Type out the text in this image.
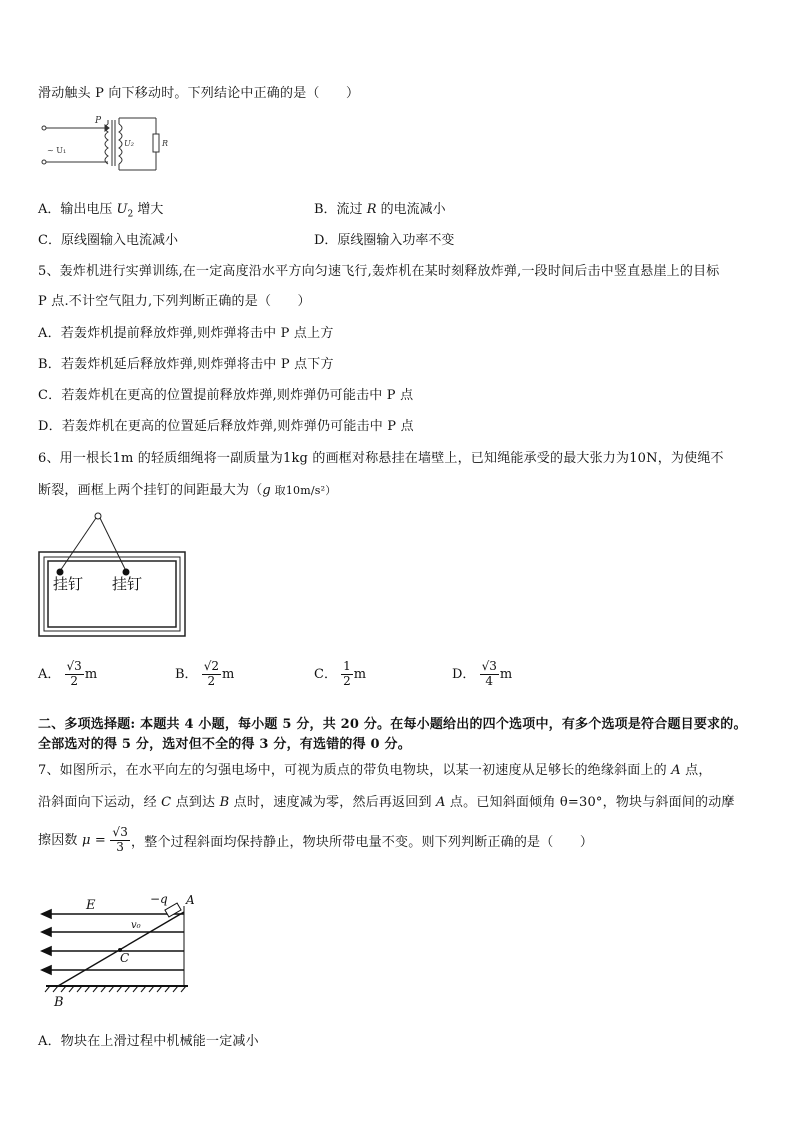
滑动触头 P 向下移动时。下列结论中正确的是（　　）
P
~ U₁
U₂	R
A．输出电压 $U_2$ 增大	B．流过 R 的电流减小
C．原线圈输入电流减小	D．原线圈输入功率不变
5、轰炸机进行实弹训练,在一定高度沿水平方向匀速飞行,轰炸机在某时刻释放炸弹,一段时间后击中竖直悬崖上的目标
P 点.不计空气阻力,下列判断正确的是（　　）
A．若轰炸机提前释放炸弹,则炸弹将击中 P 点上方
B．若轰炸机延后释放炸弹,则炸弹将击中 P 点下方
C．若轰炸机在更高的位置提前释放炸弹,则炸弹仍可能击中 P 点
D．若轰炸机在更高的位置延后释放炸弹,则炸弹仍可能击中 P 点
6、用一根长1m 的轻质细绳将一副质量为1kg 的画框对称悬挂在墙壁上，已知绳能承受的最大张力为10N，为使绳不
断裂，画框上两个挂钉的间距最大为（g 取10m/s²）
挂钉 挂钉
A． $\frac{√3}{2}$ m	B． $\frac{√2}{2}$ m	C． $\frac{1}{2}$ m	D． $\frac{√3}{4}$ m
二、多项选择题: 本题共 4 小题，每小题 5 分，共 20 分。在每小题给出的四个选项中，有多个选项是符合题目要求的。
全部选对的得 5 分，选对但不全的得 3 分，有选错的得 0 分。
7、如图所示，在水平向左的匀强电场中，可视为质点的带负电物块，以某一初速度从足够长的绝缘斜面上的 A 点，
沿斜面向下运动，经 C 点到达 B 点时，速度减为零，然后再返回到 A 点。已知斜面倾角 θ=30°，物块与斜面间的动摩
擦因数 $\mu = \frac{√3}{3}$ ，整个过程斜面均保持静止，物块所带电量不变。则下列判断正确的是（　　）
E	−q A
v₀
C
B
A．物块在上滑过程中机械能一定减小
